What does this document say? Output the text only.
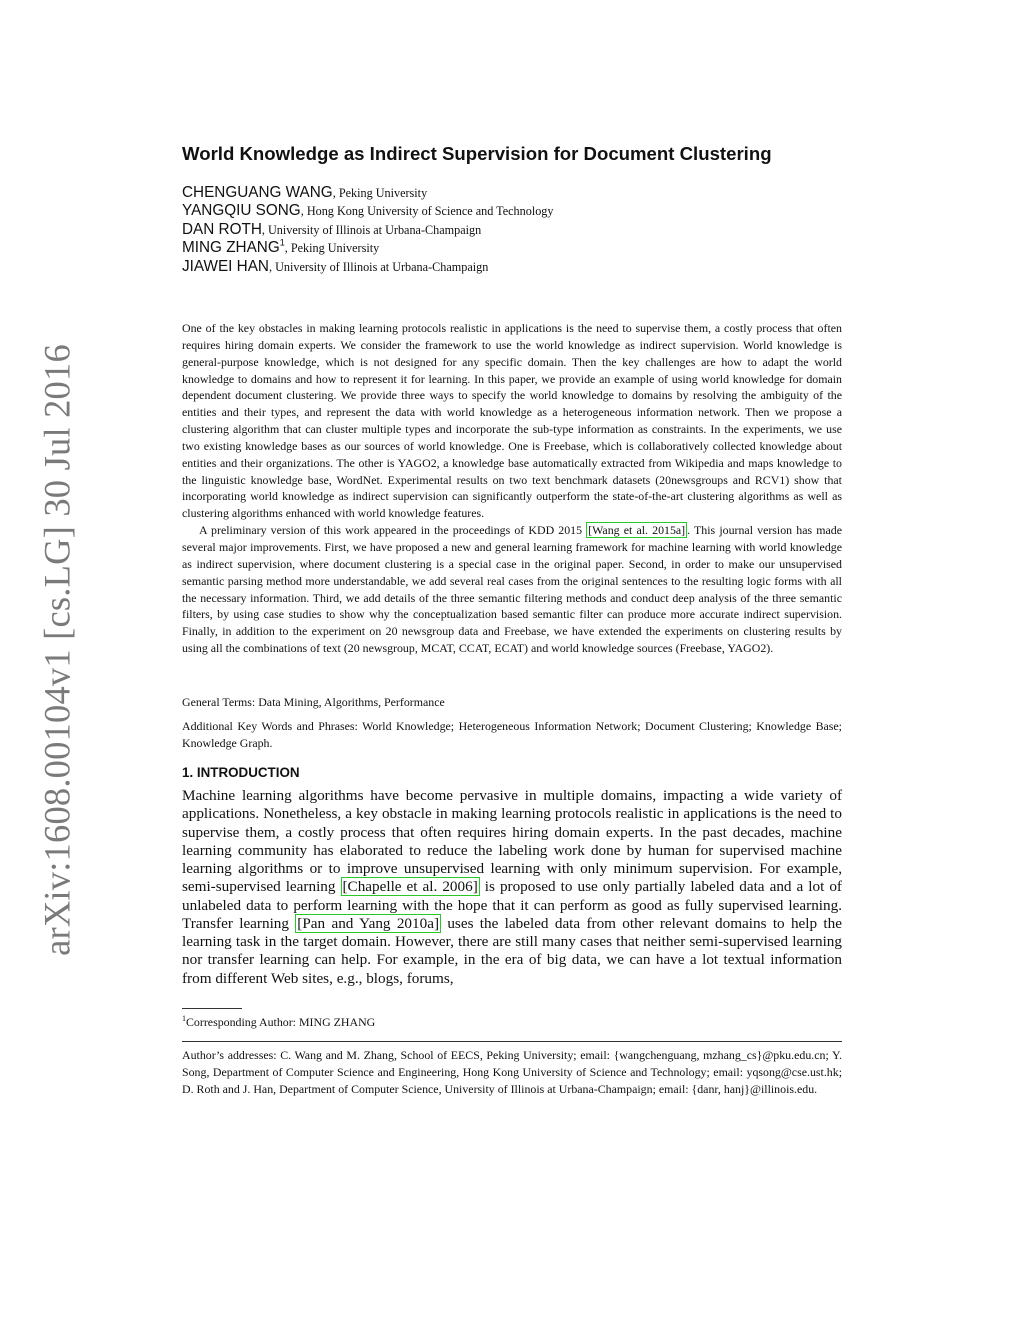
arXiv:1608.00104v1 [cs.LG] 30 Jul 2016
World Knowledge as Indirect Supervision for Document Clustering
CHENGUANG WANG, Peking University
YANGQIU SONG, Hong Kong University of Science and Technology
DAN ROTH, University of Illinois at Urbana-Champaign
MING ZHANG$^1$, Peking University
JIAWEI HAN, University of Illinois at Urbana-Champaign

One of the key obstacles in making learning protocols realistic in applications is the need to supervise them, a costly process that often requires hiring domain experts. We consider the framework to use the world knowledge as indirect supervision. World knowledge is general-purpose knowledge, which is not designed for any specific domain. Then the key challenges are how to adapt the world knowledge to domains and how to represent it for learning. In this paper, we provide an example of using world knowledge for domain dependent document clustering. We provide three ways to specify the world knowledge to domains by resolving the ambiguity of the entities and their types, and represent the data with world knowledge as a heterogeneous information network. Then we propose a clustering algorithm that can cluster multiple types and incorporate the sub-type information as constraints. In the experiments, we use two existing knowledge bases as our sources of world knowledge. One is Freebase, which is collaboratively collected knowledge about entities and their organizations. The other is YAGO2, a knowledge base automatically extracted from Wikipedia and maps knowledge to the linguistic knowledge base, WordNet. Experimental results on two text benchmark datasets (20newsgroups and RCV1) show that incorporating world knowledge as indirect supervision can significantly outperform the state-of-the-art clustering algorithms as well as clustering algorithms enhanced with world knowledge features.

A preliminary version of this work appeared in the proceedings of KDD 2015 [Wang et al. 2015a] . This journal version has made several major improvements. First, we have proposed a new and general learning framework for machine learning with world knowledge as indirect supervision, where document clustering is a special case in the original paper. Second, in order to make our unsupervised semantic parsing method more understandable, we add several real cases from the original sentences to the resulting logic forms with all the necessary information. Third, we add details of the three semantic filtering methods and conduct deep analysis of the three semantic filters, by using case studies to show why the conceptualization based semantic filter can produce more accurate indirect supervision. Finally, in addition to the experiment on 20 newsgroup data and Freebase, we have extended the experiments on clustering results by using all the combinations of text (20 newsgroup, MCAT, CCAT, ECAT) and world knowledge sources (Freebase, YAGO2).

General Terms: Data Mining, Algorithms, Performance
Additional Key Words and Phrases: World Knowledge; Heterogeneous Information Network; Document Clustering; Knowledge Base; Knowledge Graph.
1. INTRODUCTION

Machine learning algorithms have become pervasive in multiple domains, impacting a wide variety of applications. Nonetheless, a key obstacle in making learning protocols realistic in applications is the need to supervise them, a costly process that often requires hiring domain experts. In the past decades, machine learning community has elaborated to reduce the labeling work done by human for supervised machine learning algorithms or to improve unsupervised learning with only minimum supervision. For example, semi-supervised learning [Chapelle et al. 2006] is proposed to use only partially labeled data and a lot of unlabeled data to perform learning with the hope that it can perform as good as fully supervised learning. Transfer learning [Pan and Yang 2010a] uses the labeled data from other relevant domains to help the learning task in the target domain. However, there are still many cases that neither semi-supervised learning nor transfer learning can help. For example, in the era of big data, we can have a lot textual information from different Web sites, e.g., blogs, forums,

$^1$Corresponding Author: MING ZHANG
Author’s addresses: C. Wang and M. Zhang, School of EECS, Peking University; email: {wangchenguang, mzhang_cs}@pku.edu.cn; Y. Song, Department of Computer Science and Engineering, Hong Kong University of Science and Technology; email: yqsong@cse.ust.hk; D. Roth and J. Han, Department of Computer Science, University of Illinois at Urbana-Champaign; email: {danr, hanj}@illinois.edu.
